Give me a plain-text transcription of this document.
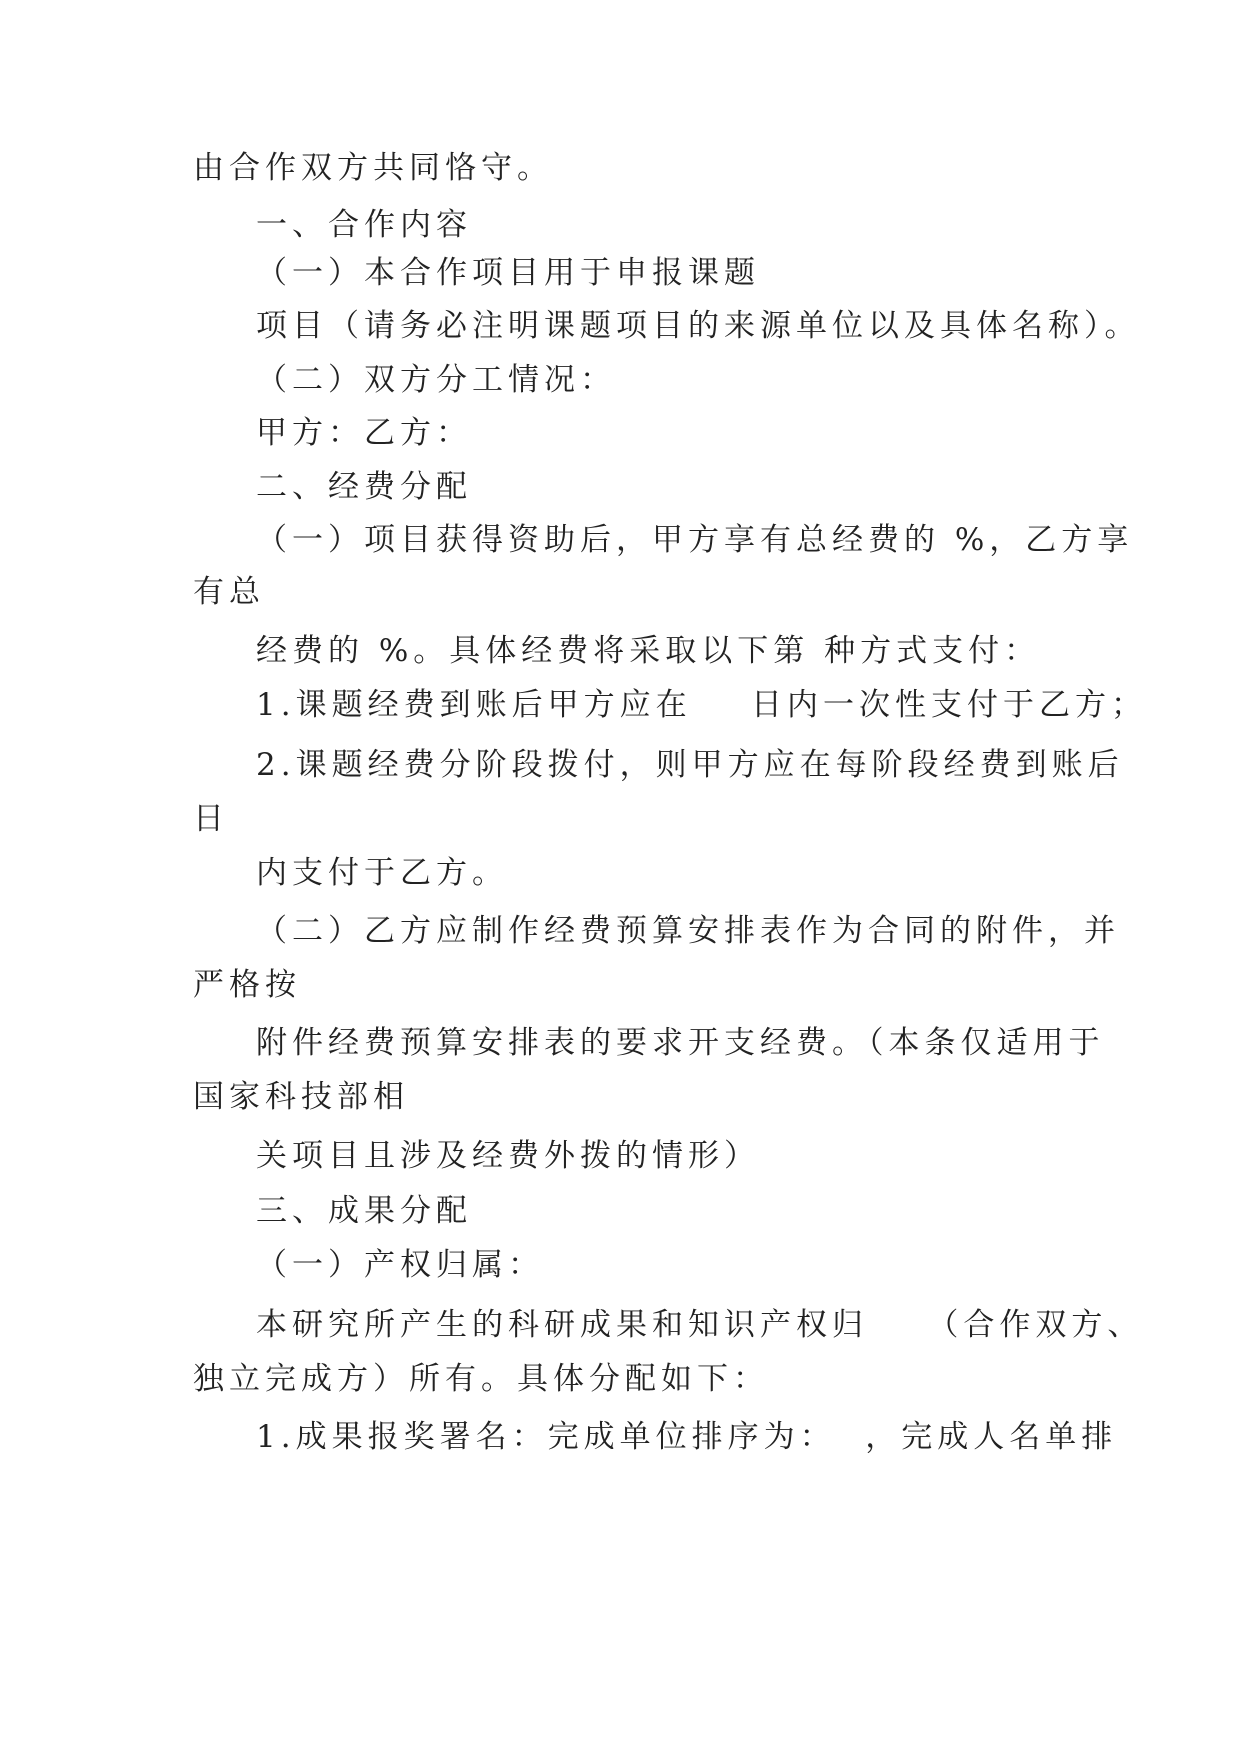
由合作双方共同恪守。
一、合作内容
（一）本合作项目用于申报课题
项目（请务必注明课题项目的来源单位以及具体名称）。
（二）双方分工情况：
甲方：乙方：
二、经费分配
（一）项目获得资助后，甲方享有总经费的 %，乙方享
有总
经费的 %。具体经费将采取以下第 种方式支付：
1.课题经费到账后甲方应在    日内一次性支付于乙方；
2.课题经费分阶段拨付，则甲方应在每阶段经费到账后
日
内支付于乙方。
（二）乙方应制作经费预算安排表作为合同的附件，并
严格按
附件经费预算安排表的要求开支经费。（本条仅适用于
国家科技部相
关项目且涉及经费外拨的情形）
三、成果分配
（一）产权归属：
本研究所产生的科研成果和知识产权归    （合作双方、
独立完成方）所有。具体分配如下：
1.成果报奖署名：完成单位排序为：  ，完成人名单排
